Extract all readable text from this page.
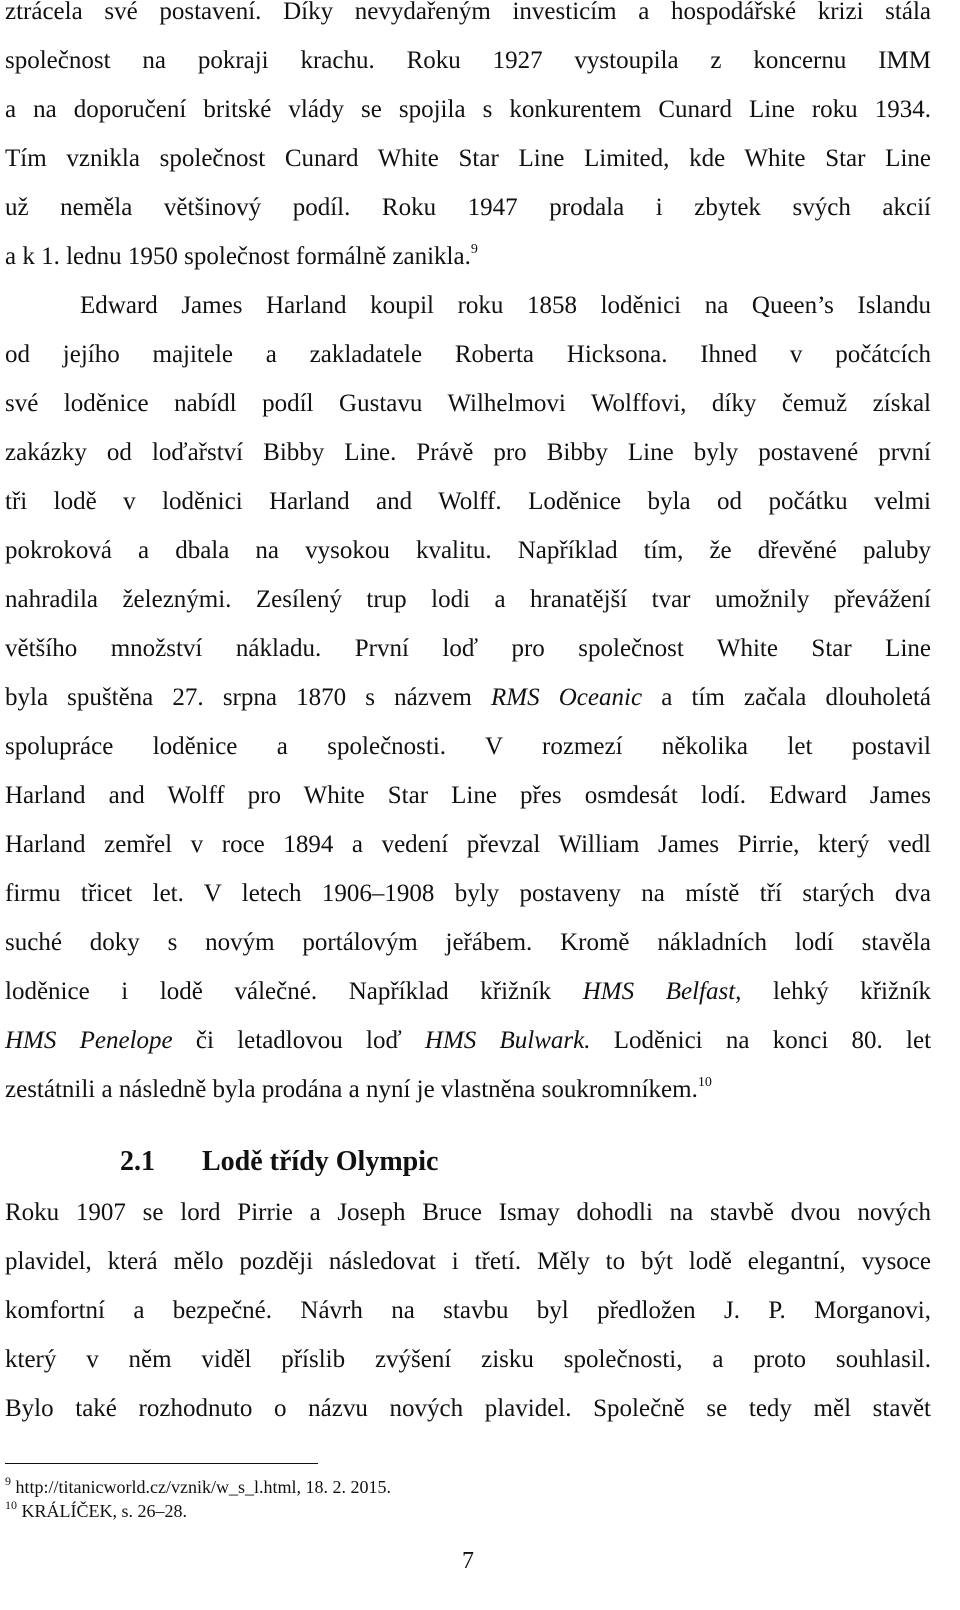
ztrácela své postavení. Díky nevydařeným investicím a hospodářské krizi stála
společnost na pokraji krachu. Roku 1927 vystoupila z koncernu IMM
a na doporučení britské vlády se spojila s konkurentem Cunard Line roku 1934.
Tím vznikla společnost Cunard White Star Line Limited, kde White Star Line
už neměla většinový podíl. Roku 1947 prodala i zbytek svých akcií
a k 1. lednu 1950 společnost formálně zanikla.$^9$
Edward James Harland koupil roku 1858 loděnici na Queen’s Islandu
od jejího majitele a zakladatele Roberta Hicksona. Ihned v počátcích
své loděnice nabídl podíl Gustavu Wilhelmovi Wolffovi, díky čemuž získal
zakázky od loďařství Bibby Line. Právě pro Bibby Line byly postavené první
tři lodě v loděnici Harland and Wolff. Loděnice byla od počátku velmi
pokroková a dbala na vysokou kvalitu. Například tím, že dřevěné paluby
nahradila železnými. Zesílený trup lodi a hranatější tvar umožnily převážení
většího množství nákladu. První loď pro společnost White Star Line
byla spuštěna 27. srpna 1870 s názvem RMS Oceanic a tím začala dlouholetá
spolupráce loděnice a společnosti. V rozmezí několika let postavil
Harland and Wolff pro White Star Line přes osmdesát lodí. Edward James
Harland zemřel v roce 1894 a vedení převzal William James Pirrie, který vedl
firmu třicet let. V letech 1906–1908 byly postaveny na místě tří starých dva
suché doky s novým portálovým jeřábem. Kromě nákladních lodí stavěla
loděnice i lodě válečné. Například křižník HMS Belfast, lehký křižník
HMS Penelope či letadlovou loď HMS Bulwark. Loděnici na konci 80. let
zestátnili a následně byla prodána a nyní je vlastněna soukromníkem.$^{10}$
2.1 Lodě třídy Olympic
Roku 1907 se lord Pirrie a Joseph Bruce Ismay dohodli na stavbě dvou nových
plavidel, která mělo později následovat i třetí. Měly to být lodě elegantní, vysoce
komfortní a bezpečné. Návrh na stavbu byl předložen J. P. Morganovi,
který v něm viděl příslib zvýšení zisku společnosti, a proto souhlasil.
Bylo také rozhodnuto o názvu nových plavidel. Společně se tedy měl stavět
$^9$ http://titanicworld.cz/vznik/w_s_l.html, 18. 2. 2015.
$^{10}$ KRÁLÍČEK, s. 26–28.
7
